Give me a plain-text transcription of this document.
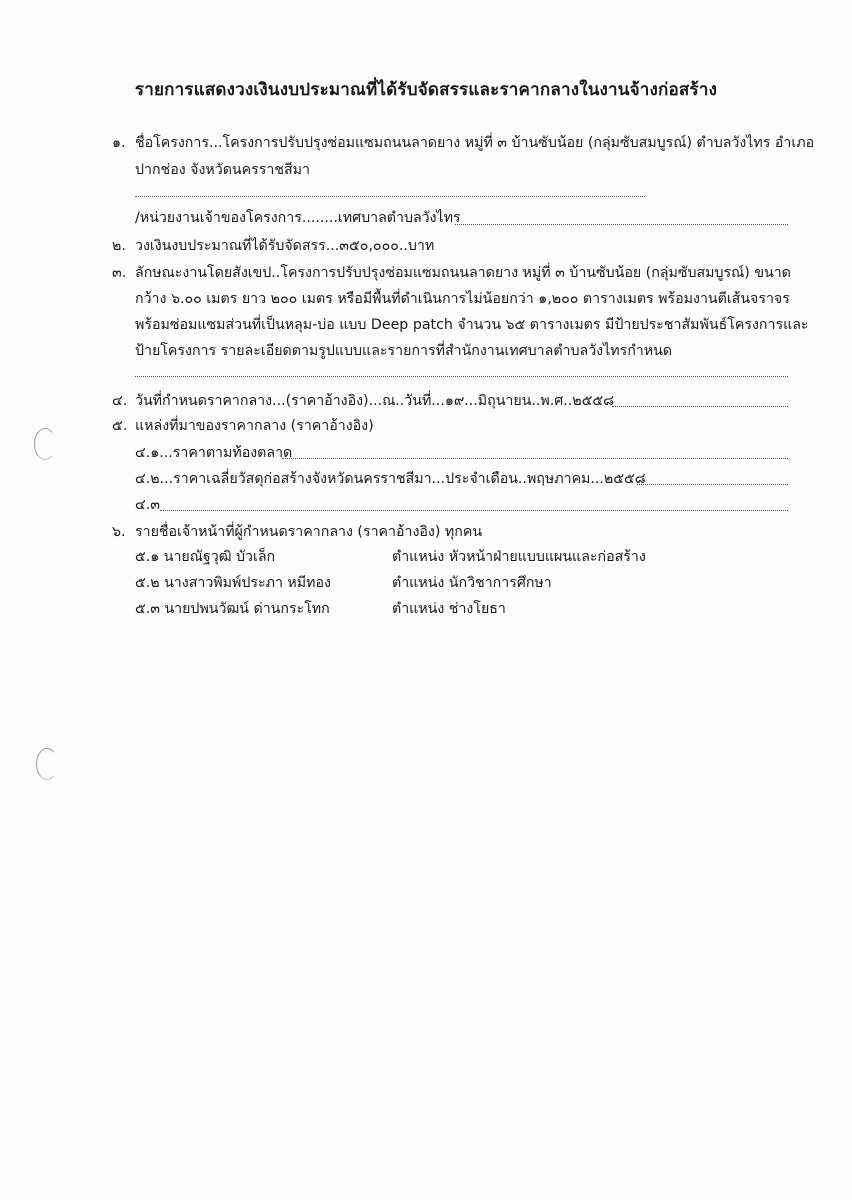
รายการแสดงวงเงินงบประมาณที่ได้รับจัดสรรและราคากลางในงานจ้างก่อสร้าง
๑. ชื่อโครงการ...โครงการปรับปรุงซ่อมแซมถนนลาดยาง หมู่ที่ ๓ บ้านซับน้อย (กลุ่มซับสมบูรณ์) ตำบลวังไทร อำเภอ
ปากช่อง จังหวัดนครราชสีมา
/หน่วยงานเจ้าของโครงการ........เทศบาลตำบลวังไทร
๒. วงเงินงบประมาณที่ได้รับจัดสรร...๓๕๐,๐๐๐..บาท
๓. ลักษณะงานโดยสังเขป..โครงการปรับปรุงซ่อมแซมถนนลาดยาง หมู่ที่ ๓ บ้านซับน้อย (กลุ่มซับสมบูรณ์) ขนาด
กว้าง ๖.๐๐ เมตร ยาว ๒๐๐ เมตร หรือมีพื้นที่ดำเนินการไม่น้อยกว่า ๑,๒๐๐ ตารางเมตร พร้อมงานตีเส้นจราจร
พร้อมซ่อมแซมส่วนที่เป็นหลุม-บ่อ แบบ Deep patch จำนวน ๖๕ ตารางเมตร มีป้ายประชาสัมพันธ์โครงการและ
ป้ายโครงการ รายละเอียดตามรูปแบบและรายการที่สำนักงานเทศบาลตำบลวังไทรกำหนด
๔. วันที่กำหนดราคากลาง...(ราคาอ้างอิง)...ณ..วันที่...๑๙...มิถุนายน..พ.ศ..๒๕๕๘
๕. แหล่งที่มาของราคากลาง (ราคาอ้างอิง)
๔.๑...ราคาตามท้องตลาด
๔.๒...ราคาเฉลี่ยวัสดุก่อสร้างจังหวัดนครราชสีมา...ประจำเดือน..พฤษภาคม...๒๕๕๘
๔.๓
๖. รายชื่อเจ้าหน้าที่ผู้กำหนดราคากลาง (ราคาอ้างอิง) ทุกคน
๕.๑ นายณัฐวุฒิ บัวเล็ก	ตำแหน่ง หัวหน้าฝ่ายแบบแผนและก่อสร้าง
๕.๒ นางสาวพิมพ์ประภา หมีทอง	ตำแหน่ง นักวิชาการศึกษา
๕.๓ นายปพนวัฒน์ ด่านกระโทก	ตำแหน่ง ช่างโยธา
